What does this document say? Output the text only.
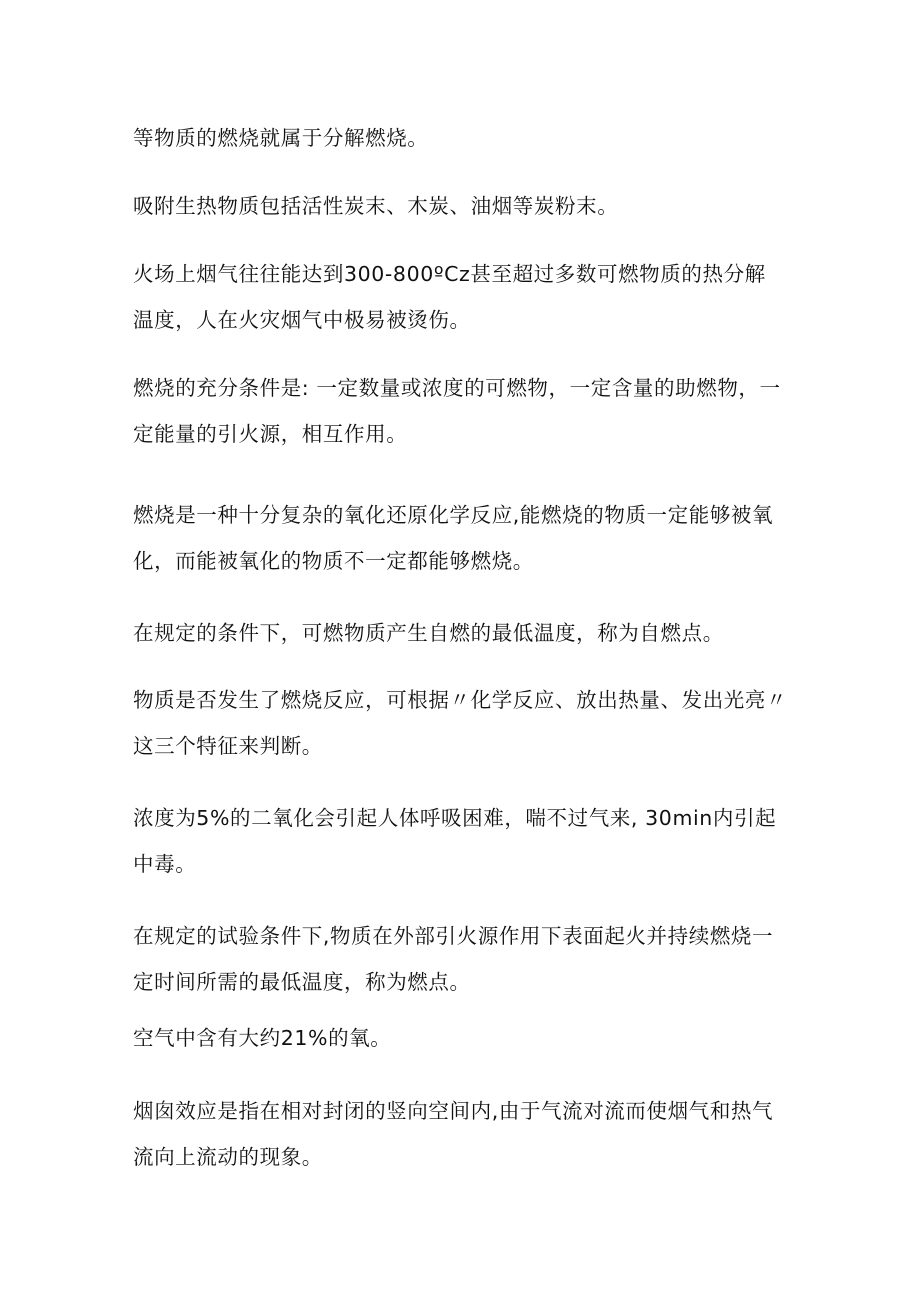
等物质的燃烧就属于分解燃烧。

吸附生热物质包括活性炭末、木炭、油烟等炭粉末。

火场上烟气往往能达到300-800ºCz甚至超过多数可燃物质的热分解
温度，人在火灾烟气中极易被烫伤。

燃烧的充分条件是: 一定数量或浓度的可燃物，一定含量的助燃物，一
定能量的引火源，相互作用。

燃烧是一种十分复杂的氧化还原化学反应,能燃烧的物质一定能够被氧
化，而能被氧化的物质不一定都能够燃烧。

在规定的条件下，可燃物质产生自燃的最低温度，称为自燃点。

物质是否发生了燃烧反应，可根据〃化学反应、放出热量、发出光亮〃
这三个特征来判断。

浓度为5%的二氧化会引起人体呼吸困难，喘不过气来, 30min内引起
中毒。

在规定的试验条件下,物质在外部引火源作用下表面起火并持续燃烧一
定时间所需的最低温度，称为燃点。

空气中含有大约21%的氧。

烟囱效应是指在相对封闭的竖向空间内,由于气流对流而使烟气和热气
流向上流动的现象。
